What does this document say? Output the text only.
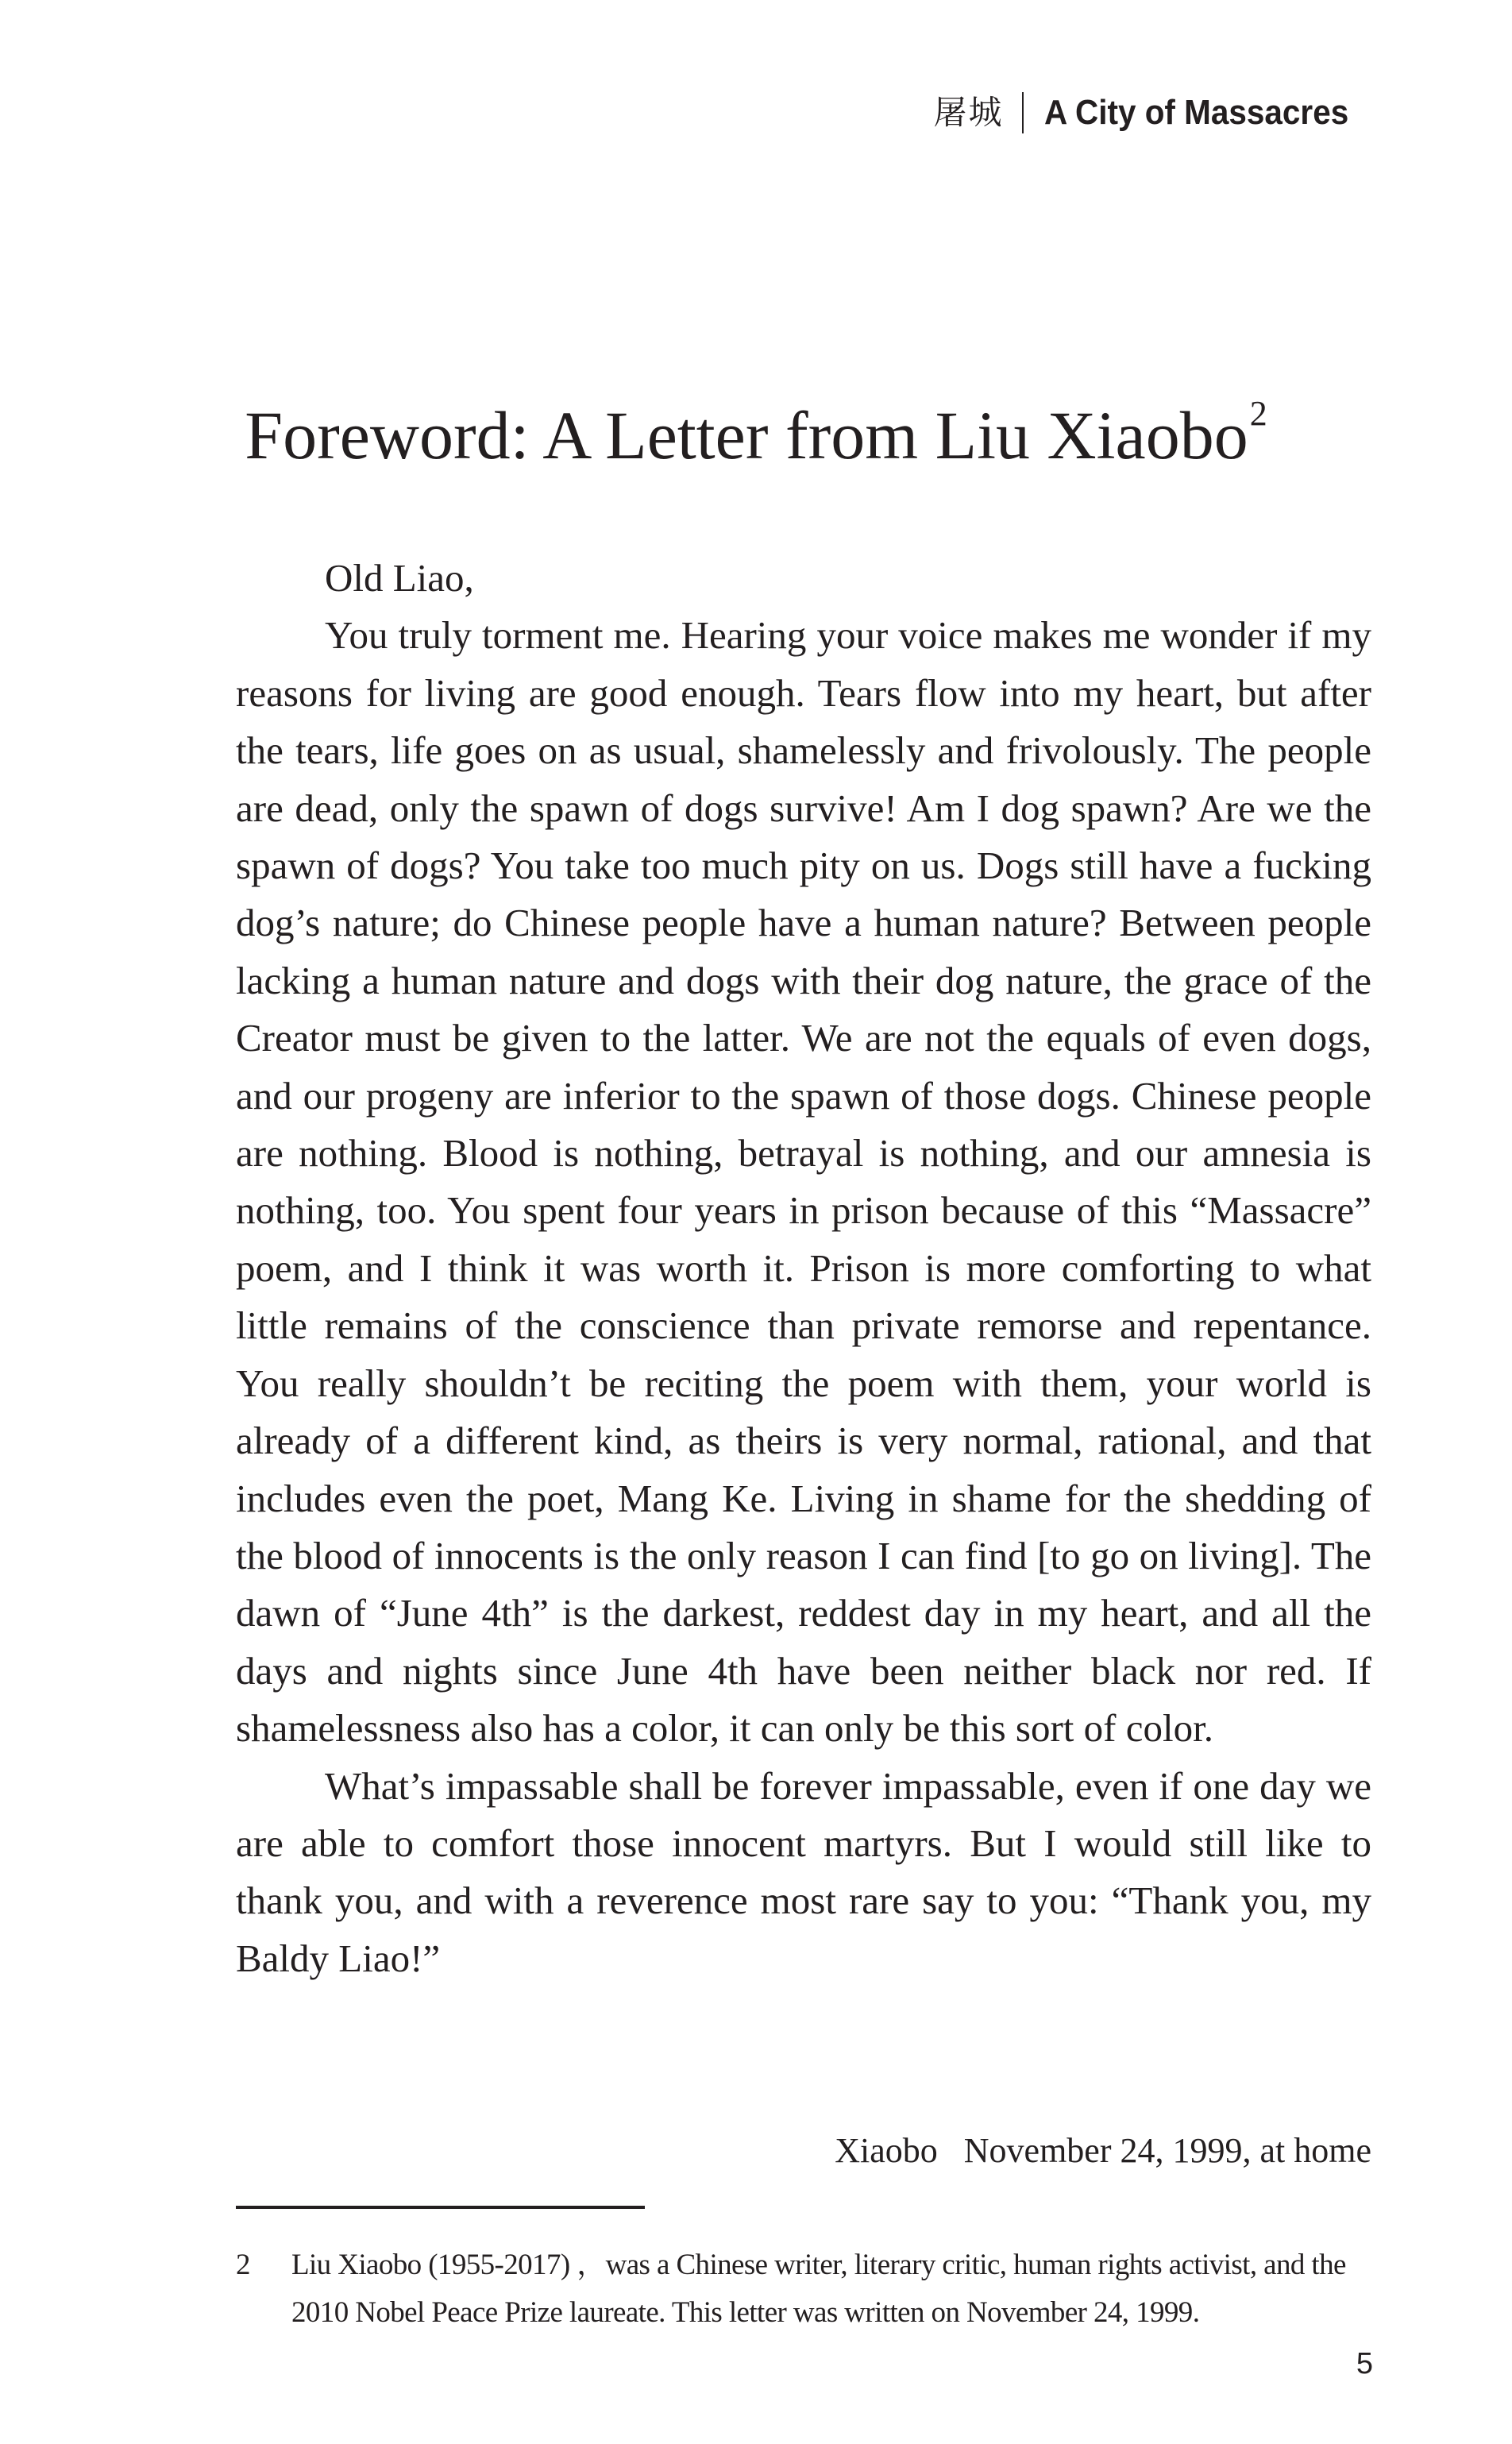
屠城 A City of Massacres
Foreword: A Letter from Liu Xiaobo$^2$

Old Liao,

You truly torment me. Hearing your voice makes me wonder if my reasons for living are good enough. Tears flow into my heart, but after the tears, life goes on as usual, shamelessly and frivolously. The people are dead, only the spawn of dogs survive! Am I dog spawn? Are we the spawn of dogs? You take too much pity on us. Dogs still have a fucking dog’s nature; do Chinese people have a human nature? Between people lacking a human nature and dogs with their dog nature, the grace of the Creator must be given to the latter. We are not the equals of even dogs, and our progeny are inferior to the spawn of those dogs. Chinese people are nothing. Blood is nothing, betrayal is nothing, and our amnesia is nothing, too. You spent four years in prison because of this “Massacre” poem, and I think it was worth it. Prison is more comforting to what little remains of the conscience than private remorse and repentance. You really shouldn’t be reciting the poem with them, your world is already of a different kind, as theirs is very normal, rational, and that includes even the poet, Mang Ke. Living in shame for the shedding of the blood of innocents is the only reason I can find [to go on living]. The dawn of “June 4th” is the darkest, reddest day in my heart, and all the days and nights since June 4th have been neither black nor red. If shamelessness also has a color, it can only be this sort of color.

What’s impassable shall be forever impassable, even if one day we are able to comfort those innocent martyrs. But I would still like to thank you, and with a reverence most rare say to you: “Thank you, my Baldy Liao!”

Xiaobo   November 24, 1999, at home
2	Liu Xiaobo (1955-2017) ，was a Chinese writer, literary critic, human rights activist, and the 2010 Nobel Peace Prize laureate. This letter was written on November 24, 1999.
5
